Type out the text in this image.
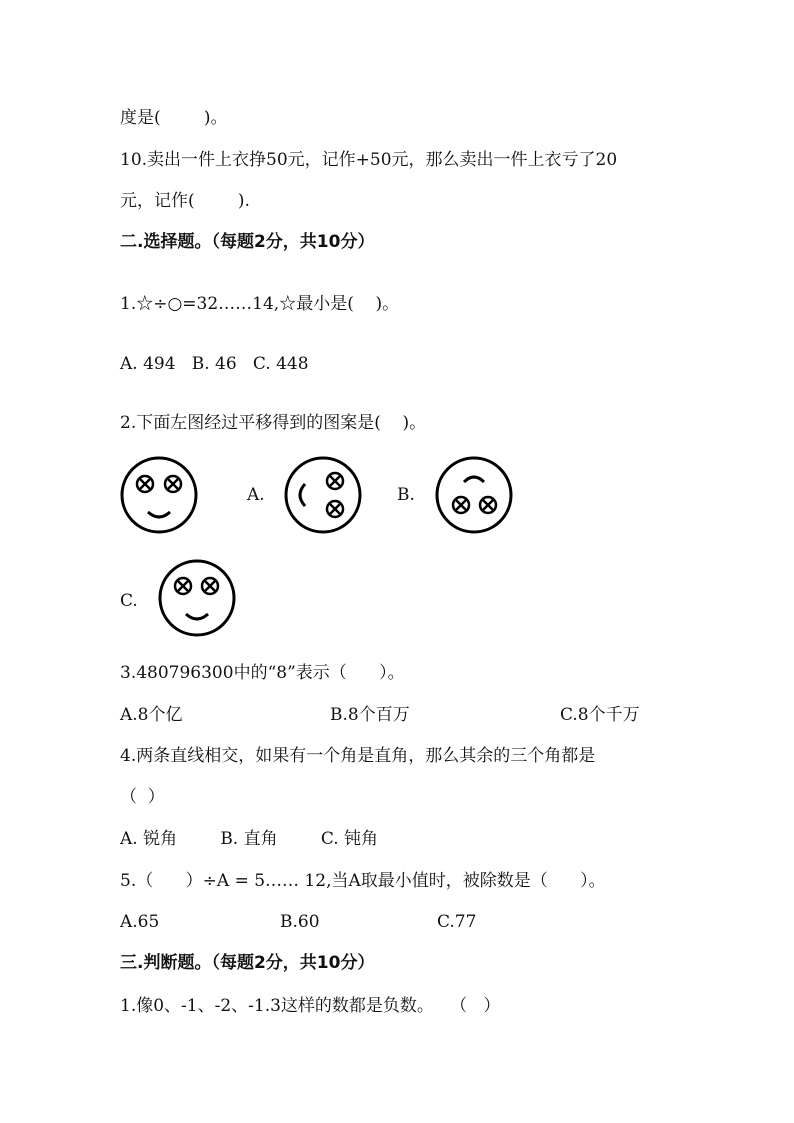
度是(        )。
10.卖出一件上衣挣50元，记作+50元，那么卖出一件上衣亏了20
元，记作(        ).
二.选择题。（每题2分，共10分）
1.☆÷○=32……14,☆最小是(    )。
A. 494   B. 46   C. 448
2.下面左图经过平移得到的图案是(    )。
A.	B.
C.
3.480796300中的“8”表示（      ）。
A.8个亿	B.8个百万	C.8个千万
4.两条直线相交，如果有一个角是直角，那么其余的三个角都是
（  ）
A. 锐角        B. 直角        C. 钝角
5.（      ）÷A = 5…… 12,当A取最小值时，被除数是（      ）。
A.65	B.60	C.77
三.判断题。（每题2分，共10分）
1.像0、-1、-2、-1.3这样的数都是负数。   （   ）
